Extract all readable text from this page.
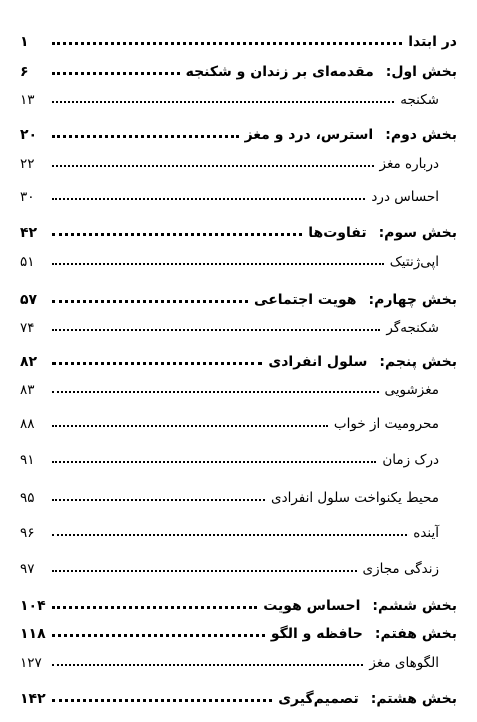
در ابتدا
۱
بخش اول:مقدمه‌ای بر زندان و شکنجه
۶
شکنجه
۱۳
بخش دوم:استرس، درد و مغز
۲۰
درباره مغز
۲۲
احساس درد
۳۰
بخش سوم:تفاوت‌ها
۴۲
اپی‌ژنتیک
۵۱
بخش چهارم:هویت اجتماعی
۵۷
شکنجه‌گر
۷۴
بخش پنجم:سلول انفرادی
۸۲
مغزشویی
۸۳
محرومیت از خواب
۸۸
درک زمان
۹۱
محیط یکنواخت سلول انفرادی
۹۵
آینده
۹۶
زندگی مجازی
۹۷
بخش ششم:احساس هویت
۱۰۴
بخش هفتم:حافظه و الگو
۱۱۸
الگوهای مغز
۱۲۷
بخش هشتم:تصمیم‌گیری
۱۴۲
